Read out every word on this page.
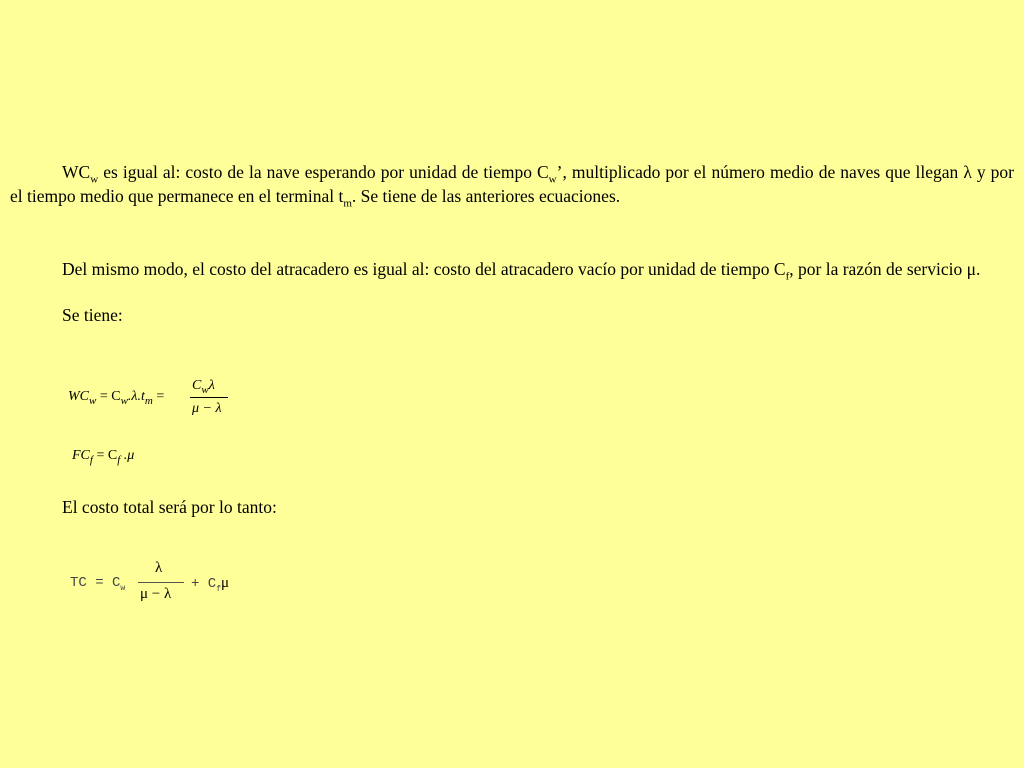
$WC_w$ es igual al: costo de la nave esperando por unidad de tiempo $C_w$’, multiplicado por el número medio de naves que llegan λ y por el tiempo medio que permanece en el terminal $t_m$. Se tiene de las anteriores ecuaciones.

Del mismo modo, el costo del atracadero es igual al: costo del atracadero vacío por unidad de tiempo $C_f$, por la razón de servicio μ.

Se tiene:

$WC_w = C_w.\lambda.t_m$ =
$C_w\lambda$
μ − λ
$FC_f = C_f$ .μ

El costo total será por lo tanto:

TC = $C_w$
λ
μ − λ
+ $C_f\mu$
